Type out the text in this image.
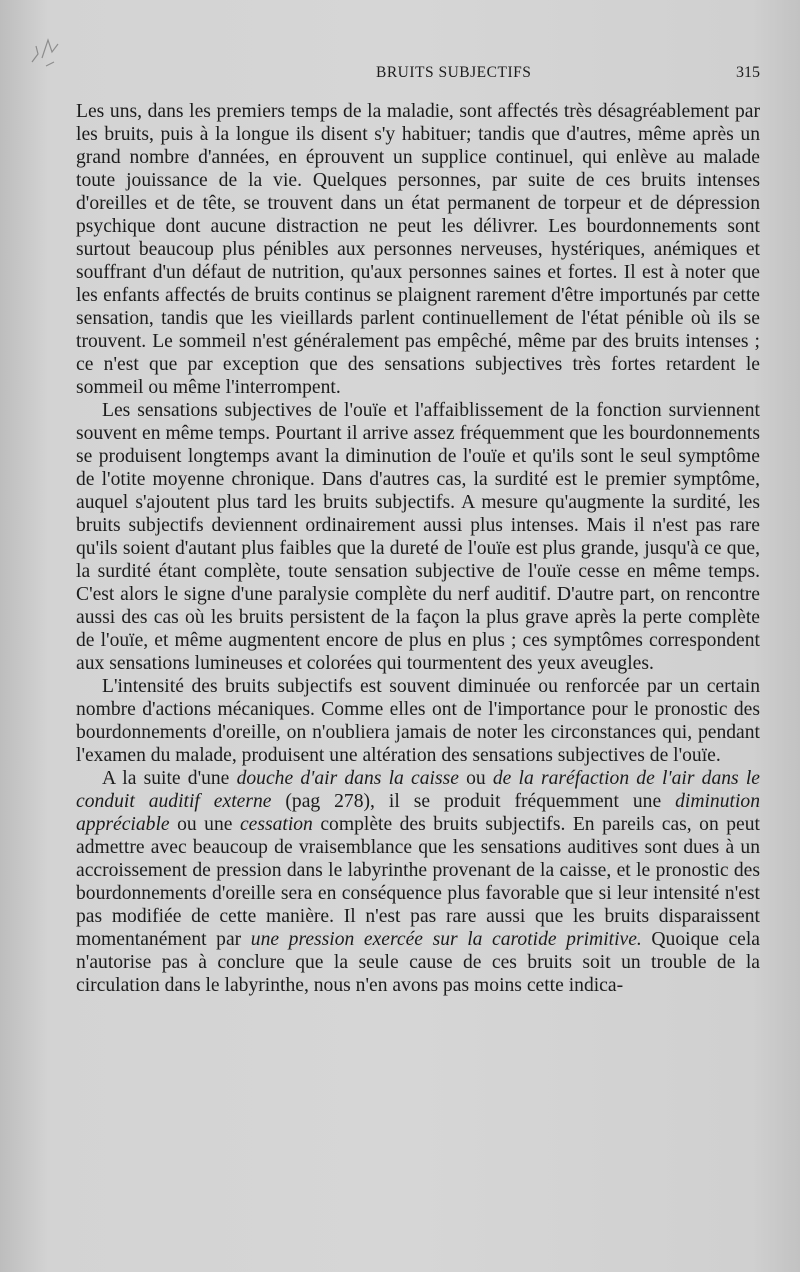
BRUITS SUBJECTIFS	315

Les uns, dans les premiers temps de la maladie, sont affectés très désagréablement par les bruits, puis à la longue ils disent s'y habituer; tandis que d'autres, même après un grand nombre d'années, en éprouvent un supplice continuel, qui enlève au malade toute jouissance de la vie. Quelques personnes, par suite de ces bruits intenses d'oreilles et de tête, se trouvent dans un état permanent de torpeur et de dépression psychique dont aucune distraction ne peut les délivrer. Les bourdonnements sont surtout beaucoup plus pénibles aux personnes nerveuses, hystériques, anémiques et souffrant d'un défaut de nutrition, qu'aux personnes saines et fortes. Il est à noter que les enfants affectés de bruits continus se plaignent rarement d'être importunés par cette sensation, tandis que les vieillards parlent continuellement de l'état pénible où ils se trouvent. Le sommeil n'est généralement pas empêché, même par des bruits intenses ; ce n'est que par exception que des sensations subjectives très fortes retardent le sommeil ou même l'interrompent.

Les sensations subjectives de l'ouïe et l'affaiblissement de la fonction surviennent souvent en même temps. Pourtant il arrive assez fréquemment que les bourdonnements se produisent longtemps avant la diminution de l'ouïe et qu'ils sont le seul symptôme de l'otite moyenne chronique. Dans d'autres cas, la surdité est le premier symptôme, auquel s'ajoutent plus tard les bruits subjectifs. A mesure qu'augmente la surdité, les bruits subjectifs deviennent ordinairement aussi plus intenses. Mais il n'est pas rare qu'ils soient d'autant plus faibles que la dureté de l'ouïe est plus grande, jusqu'à ce que, la surdité étant complète, toute sensation subjective de l'ouïe cesse en même temps. C'est alors le signe d'une paralysie complète du nerf auditif. D'autre part, on rencontre aussi des cas où les bruits persistent de la façon la plus grave après la perte complète de l'ouïe, et même augmentent encore de plus en plus ; ces symptômes correspondent aux sensations lumineuses et colorées qui tourmentent des yeux aveugles.

L'intensité des bruits subjectifs est souvent diminuée ou renforcée par un certain nombre d'actions mécaniques. Comme elles ont de l'importance pour le pronostic des bourdonnements d'oreille, on n'oubliera jamais de noter les circonstances qui, pendant l'examen du malade, produisent une altération des sensations subjectives de l'ouïe.

A la suite d'une douche d'air dans la caisse ou de la raréfaction de l'air dans le conduit auditif externe (pag 278), il se produit fréquemment une diminution appréciable ou une cessation complète des bruits subjectifs. En pareils cas, on peut admettre avec beaucoup de vraisemblance que les sensations auditives sont dues à un accroissement de pression dans le labyrinthe provenant de la caisse, et le pronostic des bourdonnements d'oreille sera en conséquence plus favorable que si leur intensité n'est pas modifiée de cette manière. Il n'est pas rare aussi que les bruits disparaissent momentanément par une pression exercée sur la carotide primitive. Quoique cela n'autorise pas à conclure que la seule cause de ces bruits soit un trouble de la circulation dans le labyrinthe, nous n'en avons pas moins cette indica-
